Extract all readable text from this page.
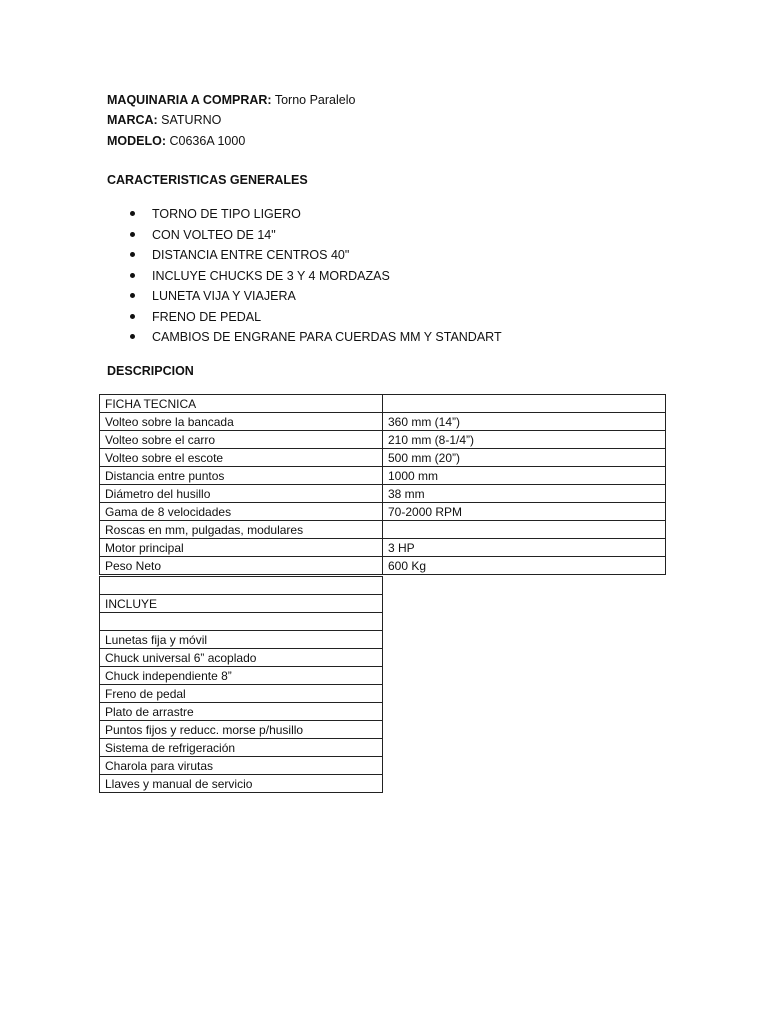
MAQUINARIA A COMPRAR: Torno Paralelo
MARCA: SATURNO
MODELO: C0636A 1000
CARACTERISTICAS GENERALES
TORNO DE TIPO LIGERO
CON VOLTEO DE 14"
DISTANCIA ENTRE CENTROS 40"
INCLUYE CHUCKS DE 3 Y 4 MORDAZAS
LUNETA VIJA Y VIAJERA
FRENO DE PEDAL
CAMBIOS DE ENGRANE PARA CUERDAS MM Y STANDART
DESCRIPCION
FICHA TECNICA	
Volteo sobre la bancada	360 mm (14”)
Volteo sobre el carro	210 mm (8-1/4”)
Volteo sobre el escote	500 mm (20”)
Distancia entre puntos	1000 mm
Diámetro del husillo	38 mm
Gama de 8 velocidades	70-2000 RPM
Roscas en mm, pulgadas, modulares	
Motor principal	3 HP
Peso Neto	600 Kg

INCLUYE

Lunetas fija y móvil
Chuck universal 6” acoplado
Chuck independiente 8”
Freno de pedal
Plato de arrastre
Puntos fijos y reducc. morse p/husillo
Sistema de refrigeración
Charola para virutas
Llaves y manual de servicio
